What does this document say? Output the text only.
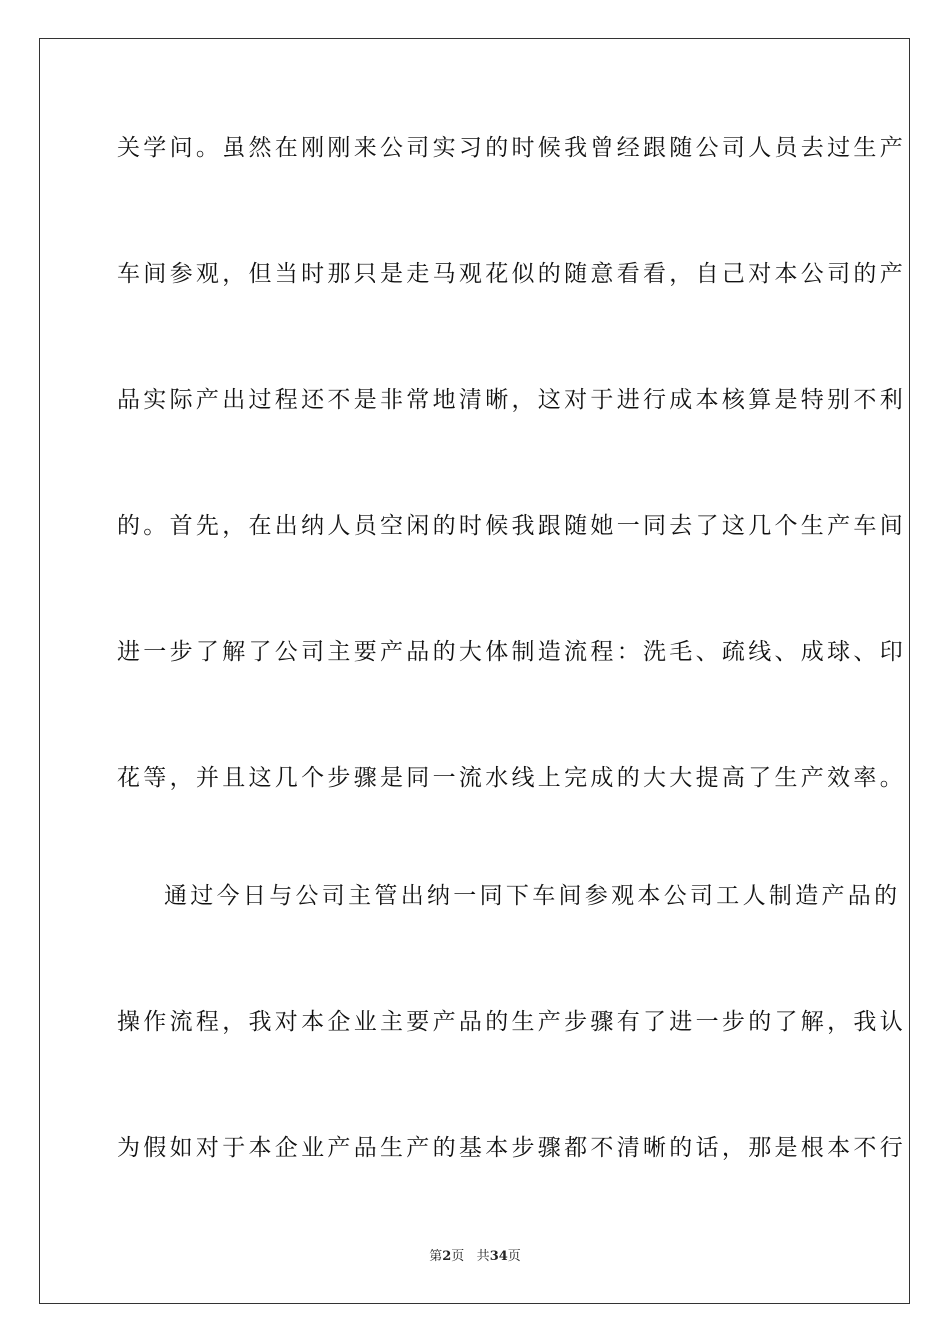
关学问。虽然在刚刚来公司实习的时候我曾经跟随公司人员去过生产
车间参观，但当时那只是走马观花似的随意看看，自己对本公司的产
品实际产出过程还不是非常地清晰，这对于进行成本核算是特别不利
的。首先，在出纳人员空闲的时候我跟随她一同去了这几个生产车间
进一步了解了公司主要产品的大体制造流程：洗毛、疏线、成球、印
花等，并且这几个步骤是同一流水线上完成的大大提高了生产效率。
通过今日与公司主管出纳一同下车间参观本公司工人制造产品的
操作流程，我对本企业主要产品的生产步骤有了进一步的了解，我认
为假如对于本企业产品生产的基本步骤都不清晰的话，那是根本不行
第2页 共34页
